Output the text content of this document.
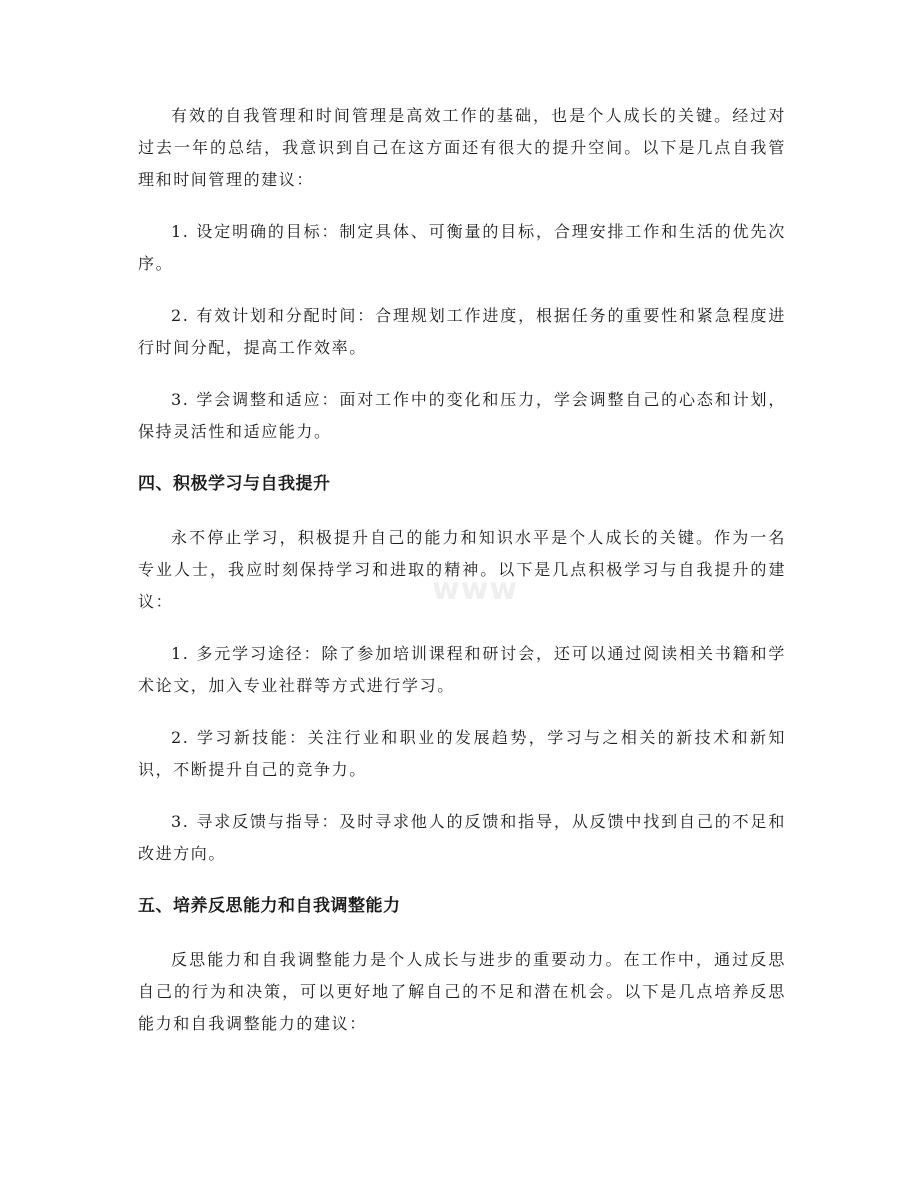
有效的自我管理和时间管理是高效工作的基础，也是个人成长的关键。经过对过去一年的总结，我意识到自己在这方面还有很大的提升空间。以下是几点自我管理和时间管理的建议：

1. 设定明确的目标：制定具体、可衡量的目标，合理安排工作和生活的优先次序。

2. 有效计划和分配时间：合理规划工作进度，根据任务的重要性和紧急程度进行时间分配，提高工作效率。

3. 学会调整和适应：面对工作中的变化和压力，学会调整自己的心态和计划，保持灵活性和适应能力。

四、积极学习与自我提升

永不停止学习，积极提升自己的能力和知识水平是个人成长的关键。作为一名专业人士，我应时刻保持学习和进取的精神。以下是几点积极学习与自我提升的建议：

1. 多元学习途径：除了参加培训课程和研讨会，还可以通过阅读相关书籍和学术论文，加入专业社群等方式进行学习。

2. 学习新技能：关注行业和职业的发展趋势，学习与之相关的新技术和新知识，不断提升自己的竞争力。

3. 寻求反馈与指导：及时寻求他人的反馈和指导，从反馈中找到自己的不足和改进方向。

五、培养反思能力和自我调整能力

反思能力和自我调整能力是个人成长与进步的重要动力。在工作中，通过反思自己的行为和决策，可以更好地了解自己的不足和潜在机会。以下是几点培养反思能力和自我调整能力的建议：

www
